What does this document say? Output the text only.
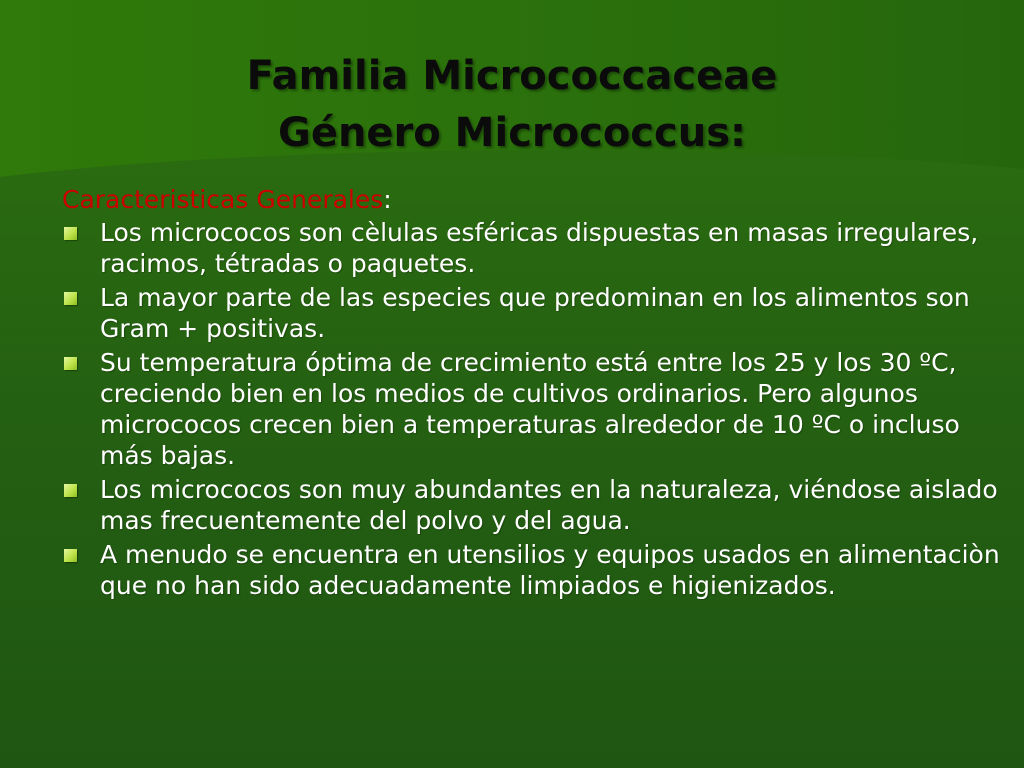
Familia Micrococcaceae
Género Micrococcus:
Caracteristicas Generales:
Los micrococos son cèlulas esféricas dispuestas en masas irregulares, racimos, tétradas o paquetes.
La mayor parte de las especies que predominan en los alimentos son Gram + positivas.
Su temperatura óptima de crecimiento está entre los 25 y los 30 ºC, creciendo bien en los medios de cultivos ordinarios. Pero algunos micrococos crecen bien a temperaturas alrededor de 10 ºC o incluso más bajas.
Los micrococos son muy abundantes en la naturaleza, viéndose aislado mas frecuentemente del polvo y del agua.
A menudo se encuentra en utensilios y equipos usados en alimentaciòn que no han sido adecuadamente limpiados e higienizados.
